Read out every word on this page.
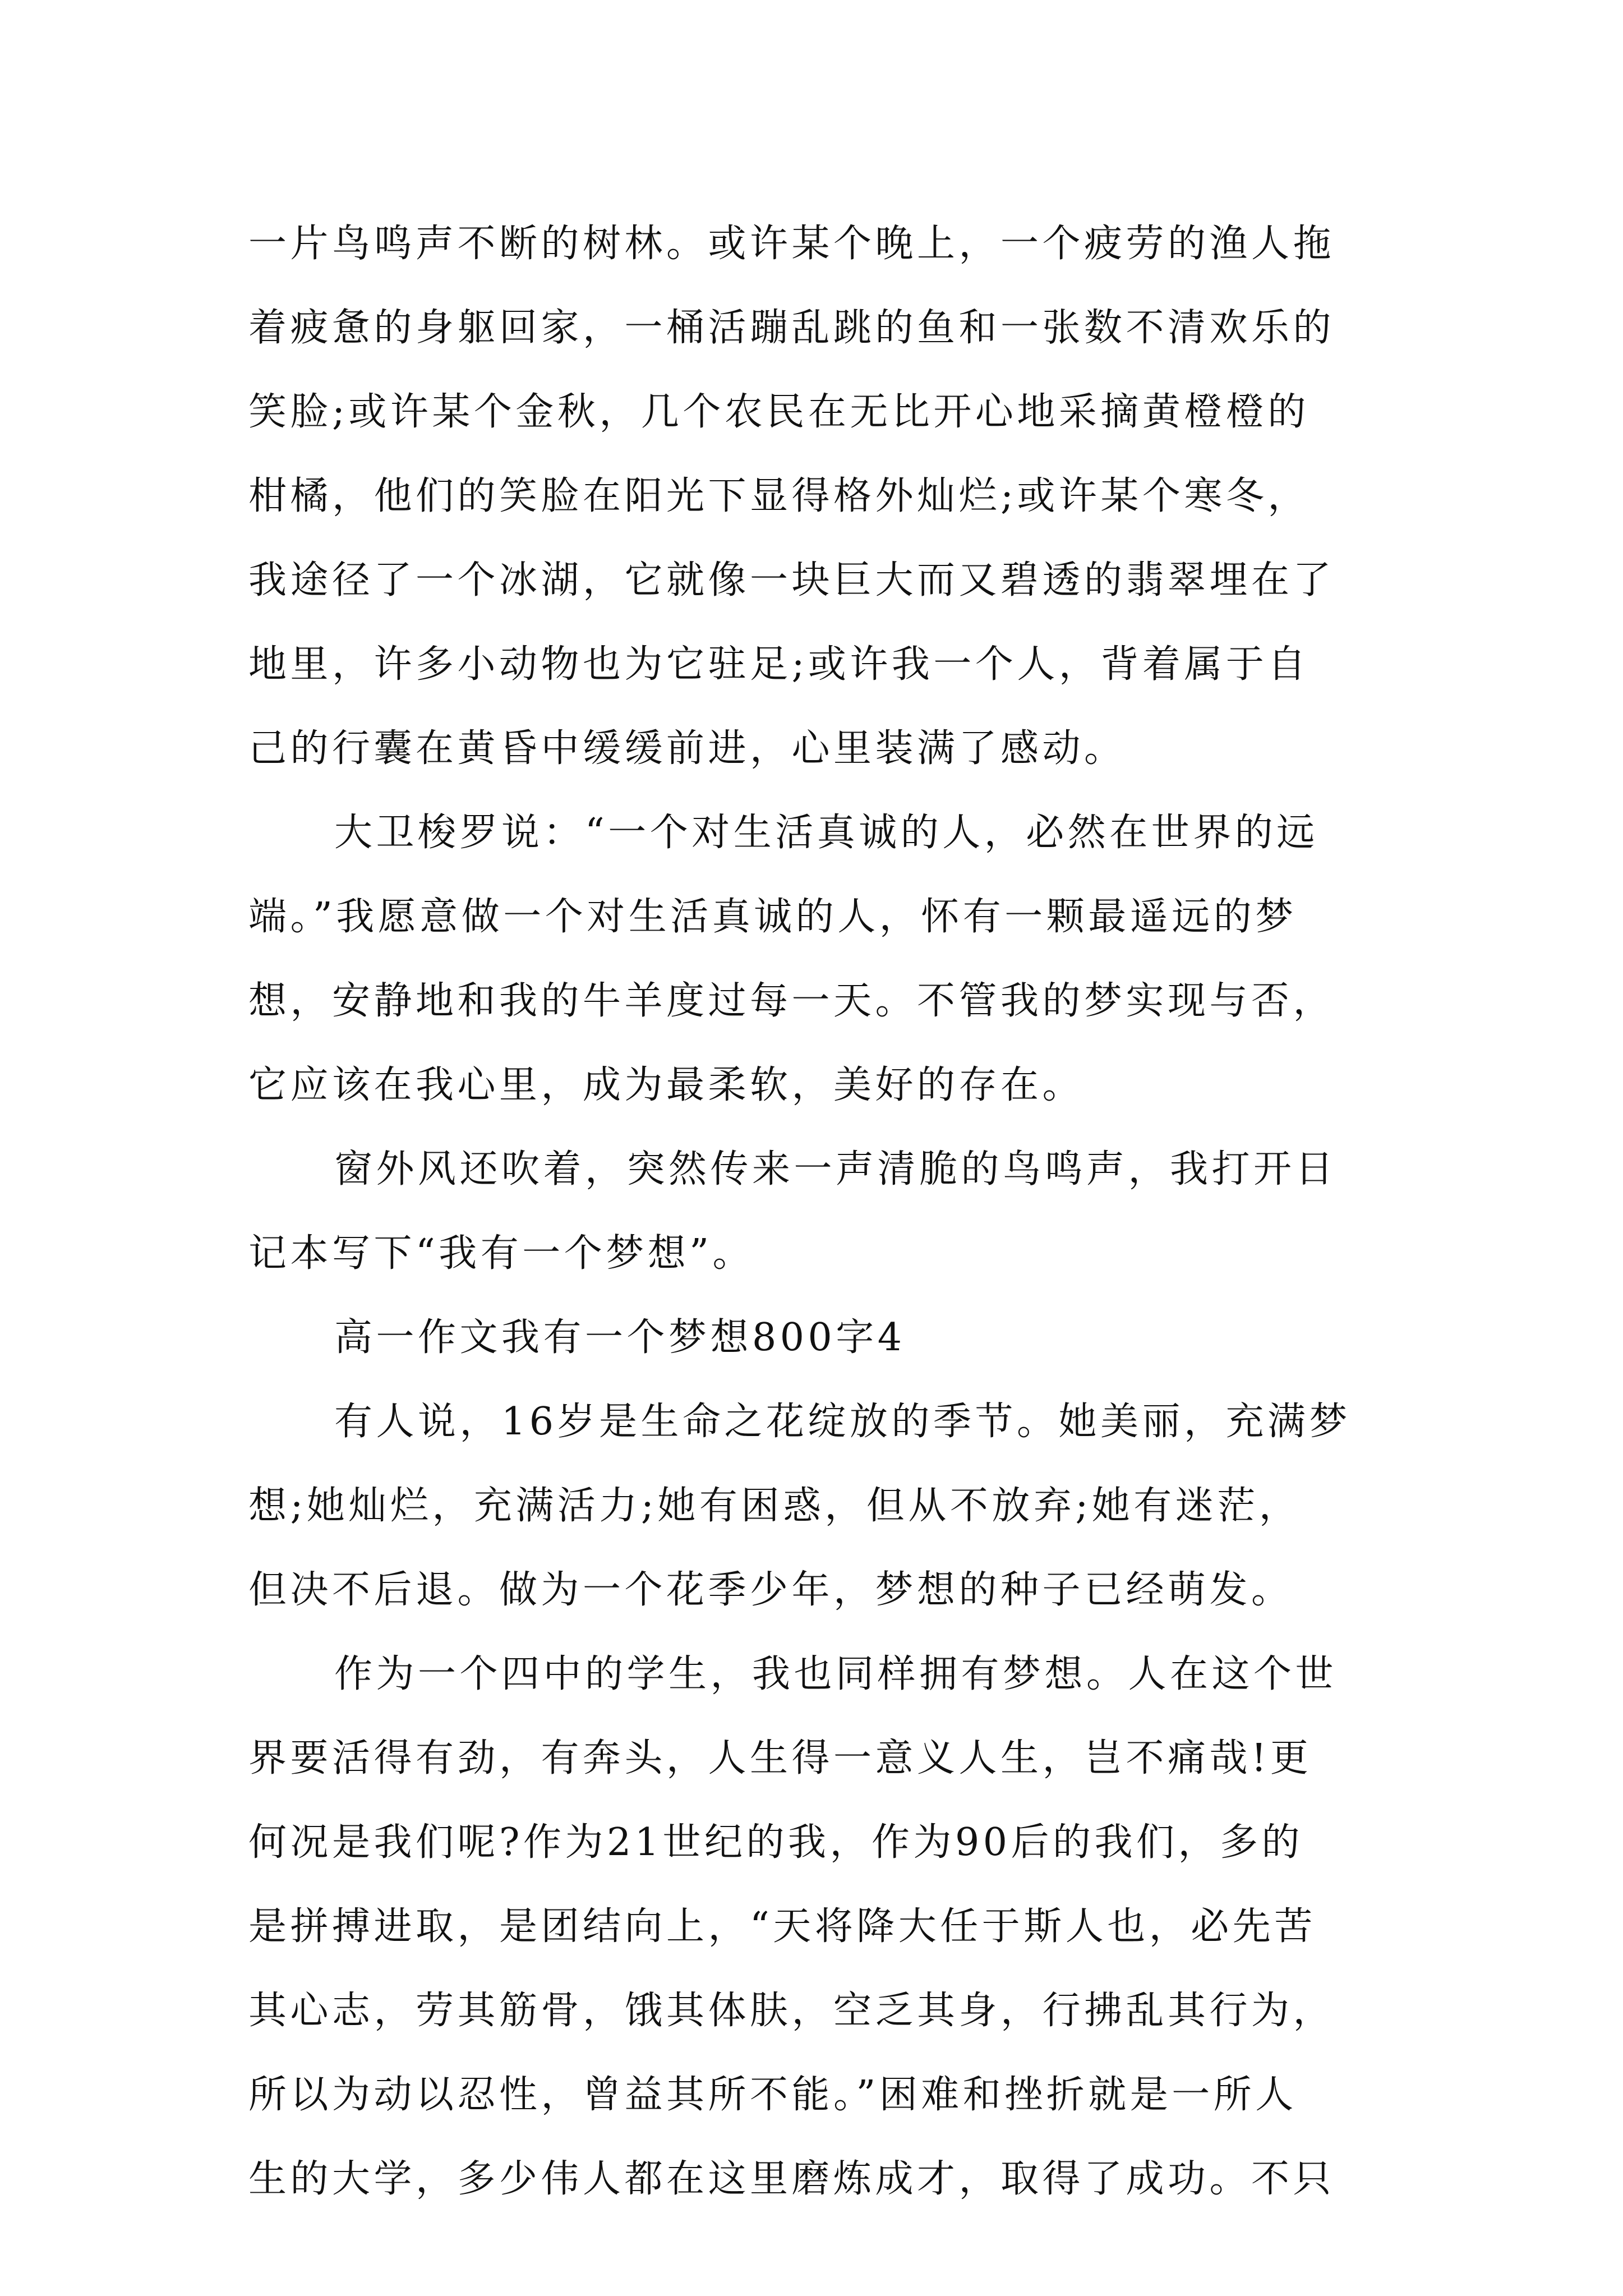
一片鸟鸣声不断的树林。或许某个晚上，一个疲劳的渔人拖
着疲惫的身躯回家，一桶活蹦乱跳的鱼和一张数不清欢乐的
笑脸;或许某个金秋，几个农民在无比开心地采摘黄橙橙的
柑橘，他们的笑脸在阳光下显得格外灿烂;或许某个寒冬，
我途径了一个冰湖，它就像一块巨大而又碧透的翡翠埋在了
地里，许多小动物也为它驻足;或许我一个人，背着属于自
己的行囊在黄昏中缓缓前进，心里装满了感动。
大卫梭罗说：“一个对生活真诚的人，必然在世界的远
端。”我愿意做一个对生活真诚的人，怀有一颗最遥远的梦
想，安静地和我的牛羊度过每一天。不管我的梦实现与否，
它应该在我心里，成为最柔软，美好的存在。
窗外风还吹着，突然传来一声清脆的鸟鸣声，我打开日
记本写下“我有一个梦想”。
高一作文我有一个梦想800字4
有人说，16岁是生命之花绽放的季节。她美丽，充满梦
想;她灿烂，充满活力;她有困惑，但从不放弃;她有迷茫，
但决不后退。做为一个花季少年，梦想的种子已经萌发。
作为一个四中的学生，我也同样拥有梦想。人在这个世
界要活得有劲，有奔头，人生得一意义人生，岂不痛哉!更
何况是我们呢?作为21世纪的我，作为90后的我们，多的
是拼搏进取，是团结向上，“天将降大任于斯人也，必先苦
其心志，劳其筋骨，饿其体肤，空乏其身，行拂乱其行为，
所以为动以忍性，曾益其所不能。”困难和挫折就是一所人
生的大学，多少伟人都在这里磨炼成才，取得了成功。不只
